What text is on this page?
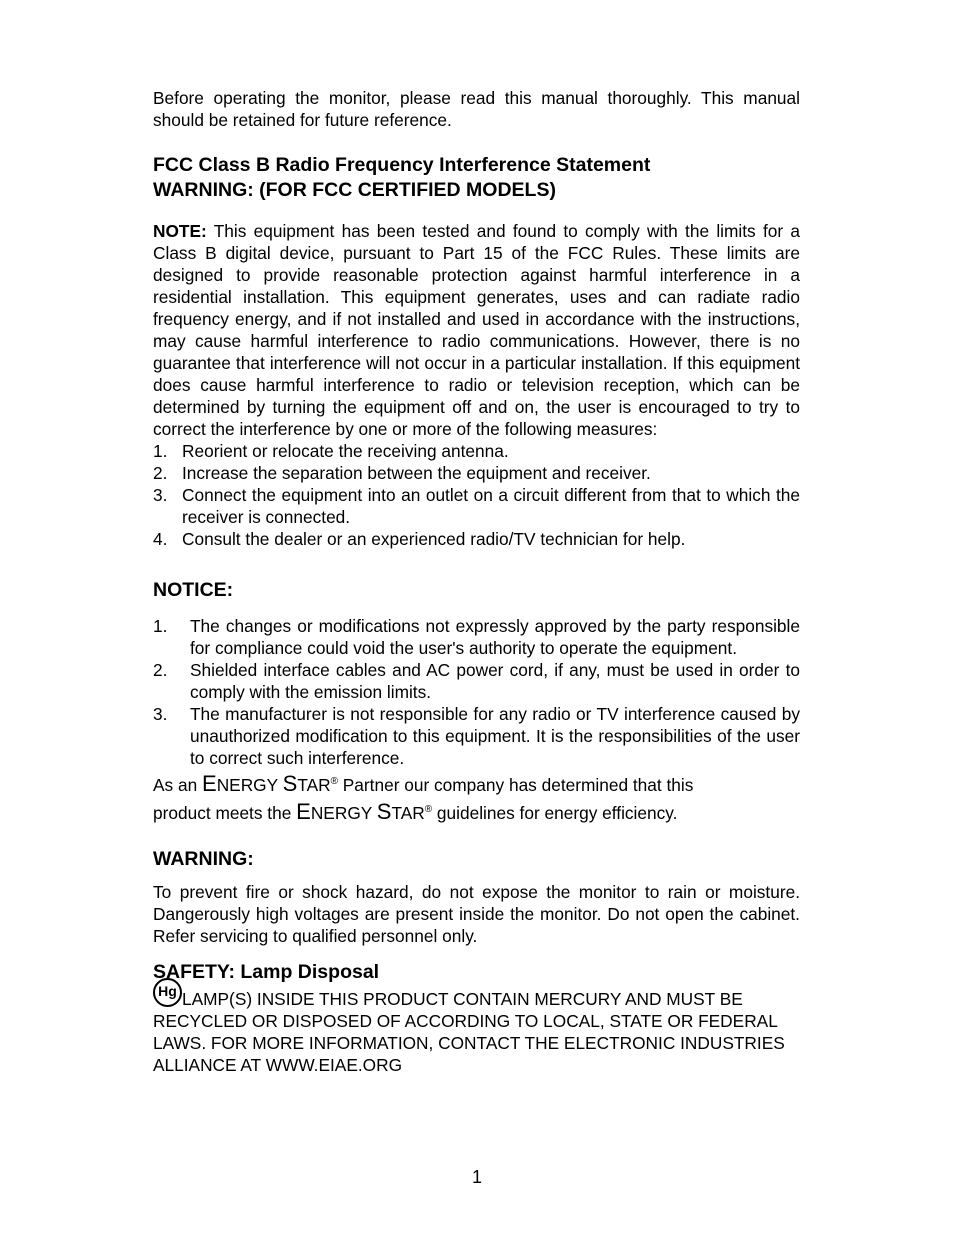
Before operating the monitor, please read this manual thoroughly. This manual should be retained for future reference.

FCC Class B Radio Frequency Interference Statement
WARNING: (FOR FCC CERTIFIED MODELS)

NOTE: This equipment has been tested and found to comply with the limits for a Class B digital device, pursuant to Part 15 of the FCC Rules. These limits are designed to provide reasonable protection against harmful interference in a residential installation. This equipment generates, uses and can radiate radio frequency energy, and if not installed and used in accordance with the instructions, may cause harmful interference to radio communications. However, there is no guarantee that interference will not occur in a particular installation. If this equipment does cause harmful interference to radio or television reception, which can be determined by turning the equipment off and on, the user is encouraged to try to correct the interference by one or more of the following measures:

1. Reorient or relocate the receiving antenna.
2. Increase the separation between the equipment and receiver.
3. Connect the equipment into an outlet on a circuit different from that to which the receiver is connected.
4. Consult the dealer or an experienced radio/TV technician for help.
NOTICE:
1. The changes or modifications not expressly approved by the party responsible for compliance could void the user's authority to operate the equipment.
2. Shielded interface cables and AC power cord, if any, must be used in order to comply with the emission limits.
3. The manufacturer is not responsible for any radio or TV interference caused by unauthorized modification to this equipment. It is the responsibilities of the user to correct such interference.

As an ENERGY STAR® Partner our company has determined that this

product meets the ENERGY STAR® guidelines for energy efficiency.

WARNING:

To prevent fire or shock hazard, do not expose the monitor to rain or moisture. Dangerously high voltages are present inside the monitor. Do not open the cabinet. Refer servicing to qualified personnel only.

SAFETY: Lamp Disposal
Hg LAMP(S) INSIDE THIS PRODUCT CONTAIN MERCURY AND MUST BE RECYCLED OR DISPOSED OF ACCORDING TO LOCAL, STATE OR FEDERAL LAWS. FOR MORE INFORMATION, CONTACT THE ELECTRONIC INDUSTRIES ALLIANCE AT WWW.EIAE.ORG
1
